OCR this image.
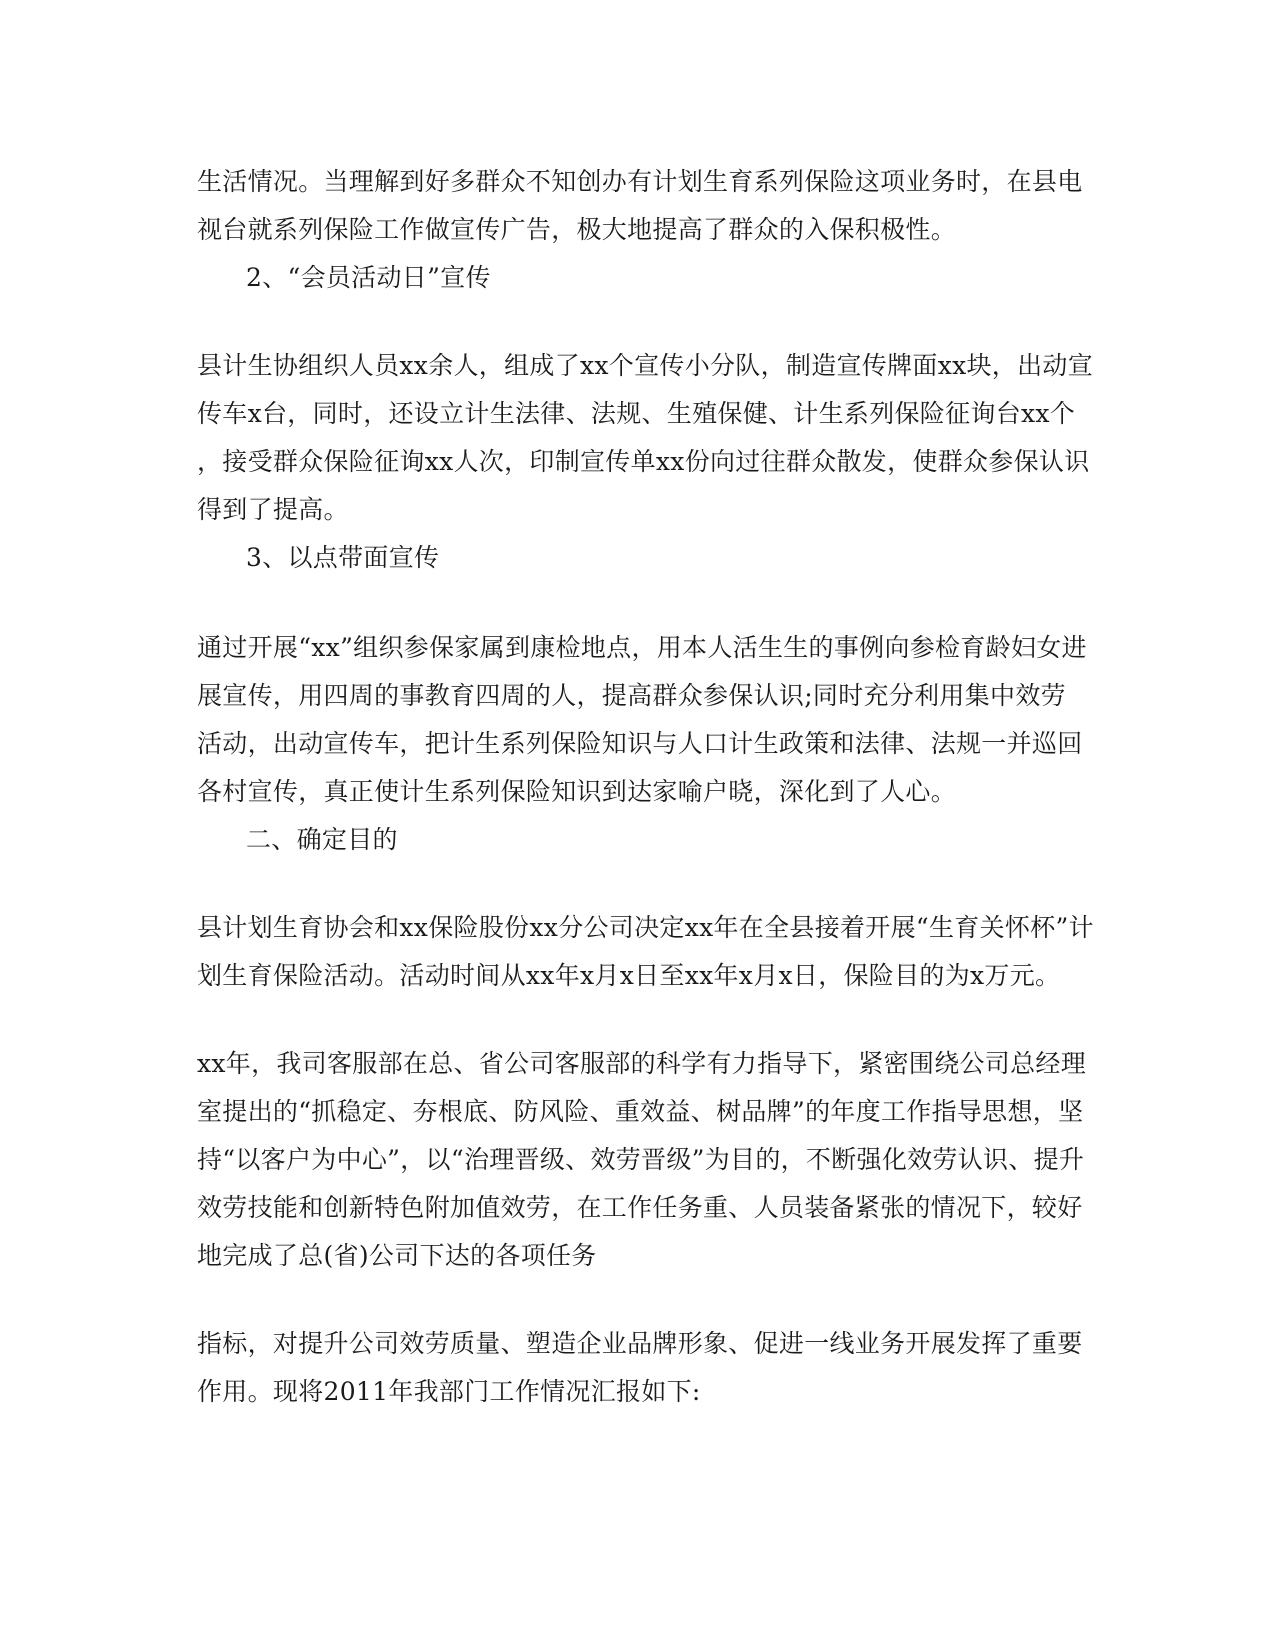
生活情况。当理解到好多群众不知创办有计划生育系列保险这项业务时，在县电
视台就系列保险工作做宣传广告，极大地提高了群众的入保积极性。

2、“会员活动日”宣传

县计生协组织人员xx余人，组成了xx个宣传小分队，制造宣传牌面xx块，出动宣
传车x台，同时，还设立计生法律、法规、生殖保健、计生系列保险征询台xx个
，接受群众保险征询xx人次，印制宣传单xx份向过往群众散发，使群众参保认识
得到了提高。

3、以点带面宣传

通过开展“xx”组织参保家属到康检地点，用本人活生生的事例向参检育龄妇女进
展宣传，用四周的事教育四周的人，提高群众参保认识;同时充分利用集中效劳
活动，出动宣传车，把计生系列保险知识与人口计生政策和法律、法规一并巡回
各村宣传，真正使计生系列保险知识到达家喻户晓，深化到了人心。

二、确定目的

县计划生育协会和xx保险股份xx分公司决定xx年在全县接着开展“生育关怀杯”计
划生育保险活动。活动时间从xx年x月x日至xx年x月x日，保险目的为x万元。

xx年，我司客服部在总、省公司客服部的科学有力指导下，紧密围绕公司总经理
室提出的“抓稳定、夯根底、防风险、重效益、树品牌”的年度工作指导思想，坚
持“以客户为中心”，以“治理晋级、效劳晋级”为目的，不断强化效劳认识、提升
效劳技能和创新特色附加值效劳，在工作任务重、人员装备紧张的情况下，较好
地完成了总(省)公司下达的各项任务

指标，对提升公司效劳质量、塑造企业品牌形象、促进一线业务开展发挥了重要
作用。现将2011年我部门工作情况汇报如下:
